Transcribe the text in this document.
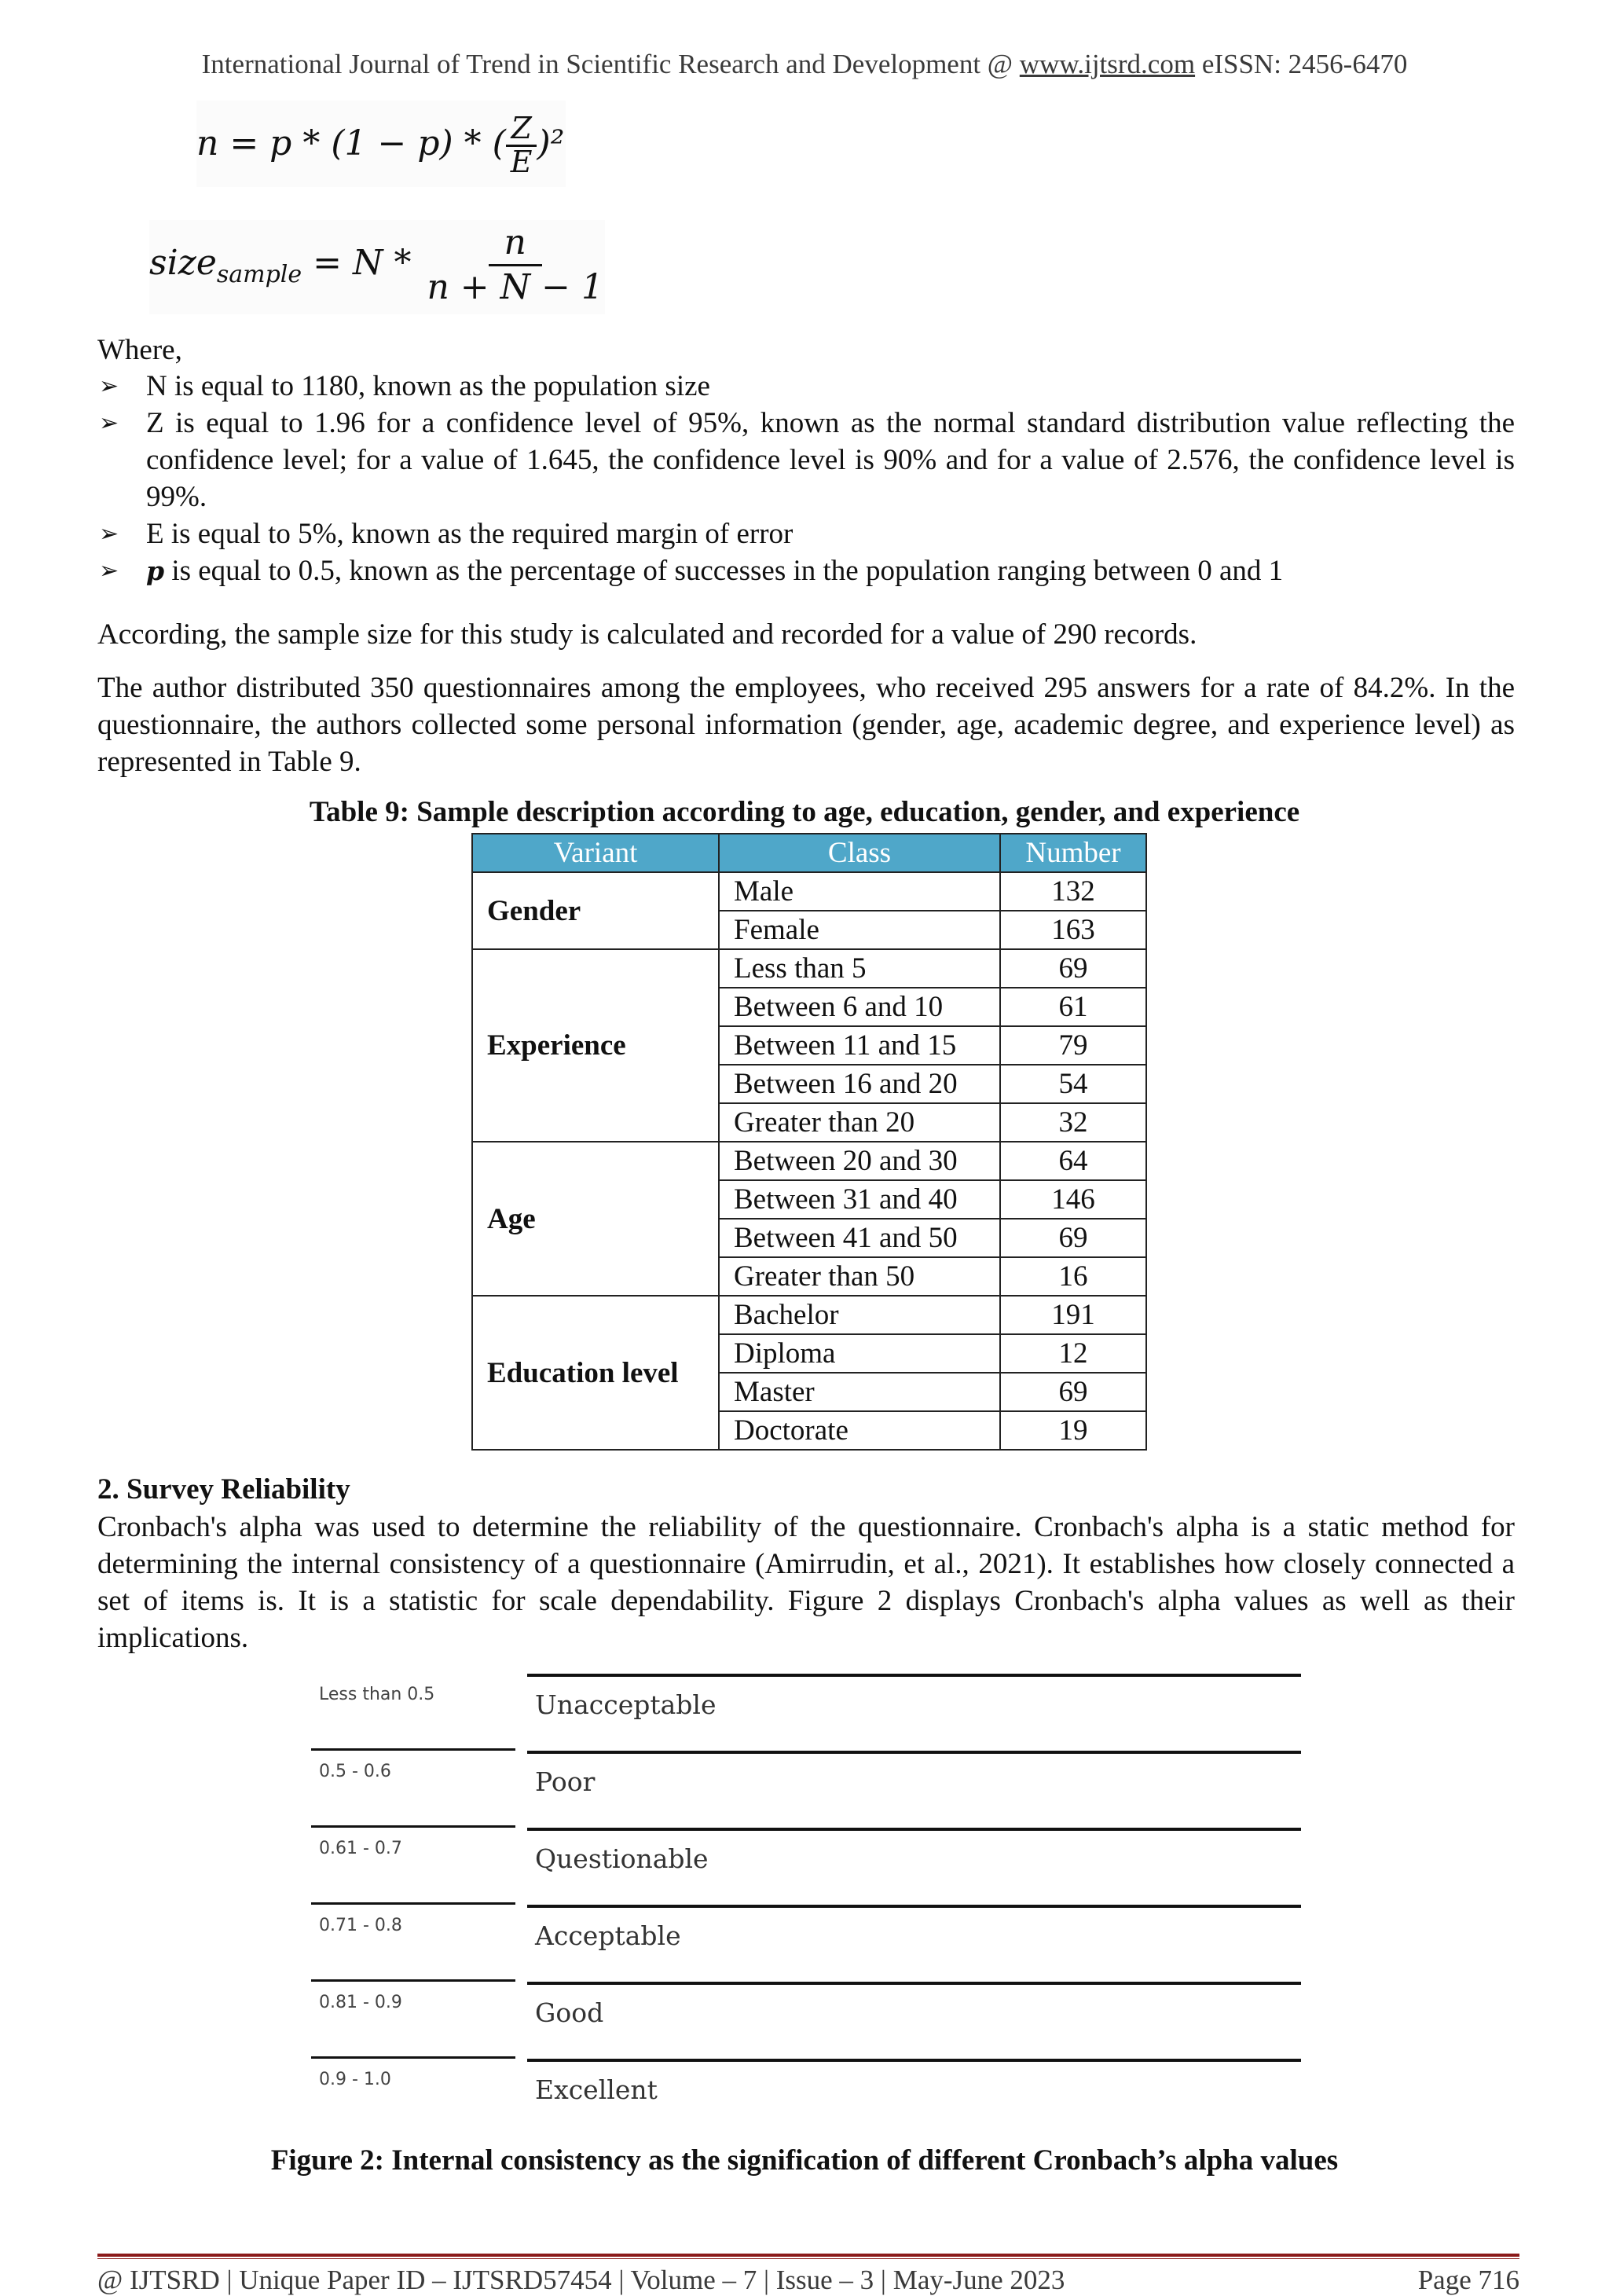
International Journal of Trend in Scientific Research and Development @ www.ijtsrd.com eISSN: 2456-6470
n = p * (1 − p) * ( $\frac{Z}{E} )^2$
size$_{sample}$ = N * $\frac{n}{n + N - 1}$
Where,
➢ N is equal to 1180, known as the population size
➢ Z is equal to 1.96 for a confidence level of 95%, known as the normal standard distribution value reflecting the confidence level; for a value of 1.645, the confidence level is 90% and for a value of 2.576, the confidence level is 99%.
➢ E is equal to 5%, known as the required margin of error
➢ p is equal to 0.5, known as the percentage of successes in the population ranging between 0 and 1
According, the sample size for this study is calculated and recorded for a value of 290 records.
The author distributed 350 questionnaires among the employees, who received 295 answers for a rate of 84.2%. In the questionnaire, the authors collected some personal information (gender, age, academic degree, and experience level) as represented in Table 9.
Table 9: Sample description according to age, education, gender, and experience
Variant	Class	Number
Gender	Male	132
	Female	163
Experience	Less than 5	69
	Between 6 and 10	61
	Between 11 and 15	79
	Between 16 and 20	54
	Greater than 20	32
Age	Between 20 and 30	64
	Between 31 and 40	146
	Between 41 and 50	69
	Greater than 50	16
Education level	Bachelor	191
	Diploma	12
	Master	69
	Doctorate	19
2. Survey Reliability
Cronbach's alpha was used to determine the reliability of the questionnaire. Cronbach's alpha is a static method for determining the internal consistency of a questionnaire (Amirrudin, et al., 2021). It establishes how closely connected a set of items is. It is a statistic for scale dependability. Figure 2 displays Cronbach's alpha values as well as their implications.
Less than 0.5	Unacceptable
0.5 - 0.6	Poor
0.61 - 0.7	Questionable
0.71 - 0.8	Acceptable
0.81 - 0.9	Good
0.9 - 1.0	Excellent
Figure 2: Internal consistency as the signification of different Cronbach’s alpha values
@ IJTSRD | Unique Paper ID – IJTSRD57454 | Volume – 7 | Issue – 3 | May-June 2023	Page 716
